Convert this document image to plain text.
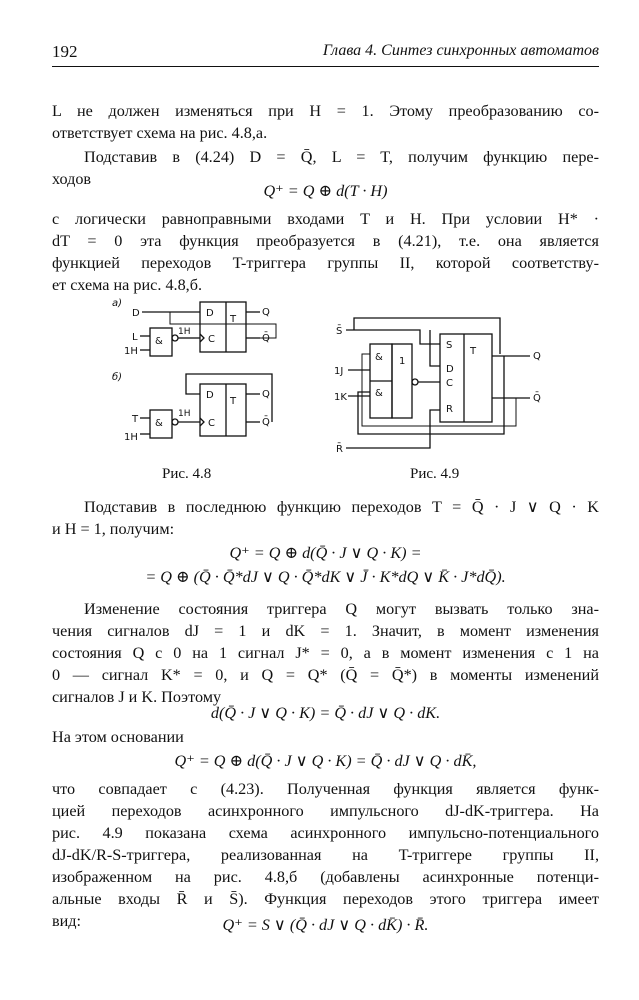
192	Глава 4. Синтез синхронных автоматов
L не должен изменяться при H = 1. Этому преобразованию со-
ответствует схема на рис. 4.8,а.
Подставив в (4.24) D = Q̄, L = T, получим функцию пере-
ходов
Q⁺ = Q ⊕ d(T · H)
с логически равноправными входами T и H. При условии H* ·
dT = 0 эта функция преобразуется в (4.21), т.е. она является
функцией переходов T-триггера группы II, которой соответству-
ет схема на рис. 4.8,б.
а)
D	D
C
T
Q
Q̄
&
1H
L
1H
б)
D
C
T
Q
Q̄
&
1H
T
1H
S̄
1J
1K
&
&
1
S
D
C
R
T	Q
Q̄
R̄
Рис. 4.8	Рис. 4.9
Подставив в последнюю функцию переходов T = Q̄ · J ∨ Q · K
и H = 1, получим:
Q⁺ = Q ⊕ d(Q̄ · J ∨ Q · K) =
= Q ⊕ (Q̄ · Q̄*dJ ∨ Q · Q̄*dK ∨ J̄ · K*dQ ∨ K̄ · J*dQ̄).
Изменение состояния триггера Q могут вызвать только зна-
чения сигналов dJ = 1 и dK = 1. Значит, в момент изменения
состояния Q с 0 на 1 сигнал J* = 0, а в момент изменения с 1 на
0 — сигнал K* = 0, и Q = Q* (Q̄ = Q̄*) в моменты изменений
сигналов J и K. Поэтому
d(Q̄ · J ∨ Q · K) = Q̄ · dJ ∨ Q · dK.
На этом основании
Q⁺ = Q ⊕ d(Q̄ · J ∨ Q · K) = Q̄ · dJ ∨ Q · dK̄,
что совпадает с (4.23). Полученная функция является функ-
цией переходов асинхронного импульсного dJ-dK-триггера. На
рис. 4.9 показана схема асинхронного импульсно-потенциального
dJ-dK/R-S-триггера, реализованная на T-триггере группы II,
изображенном на рис. 4.8,б (добавлены асинхронные потенци-
альные входы R̄ и S̄). Функция переходов этого триггера имеет
вид:	Q⁺ = S ∨ (Q̄ · dJ ∨ Q · dK̄) · R̄.
